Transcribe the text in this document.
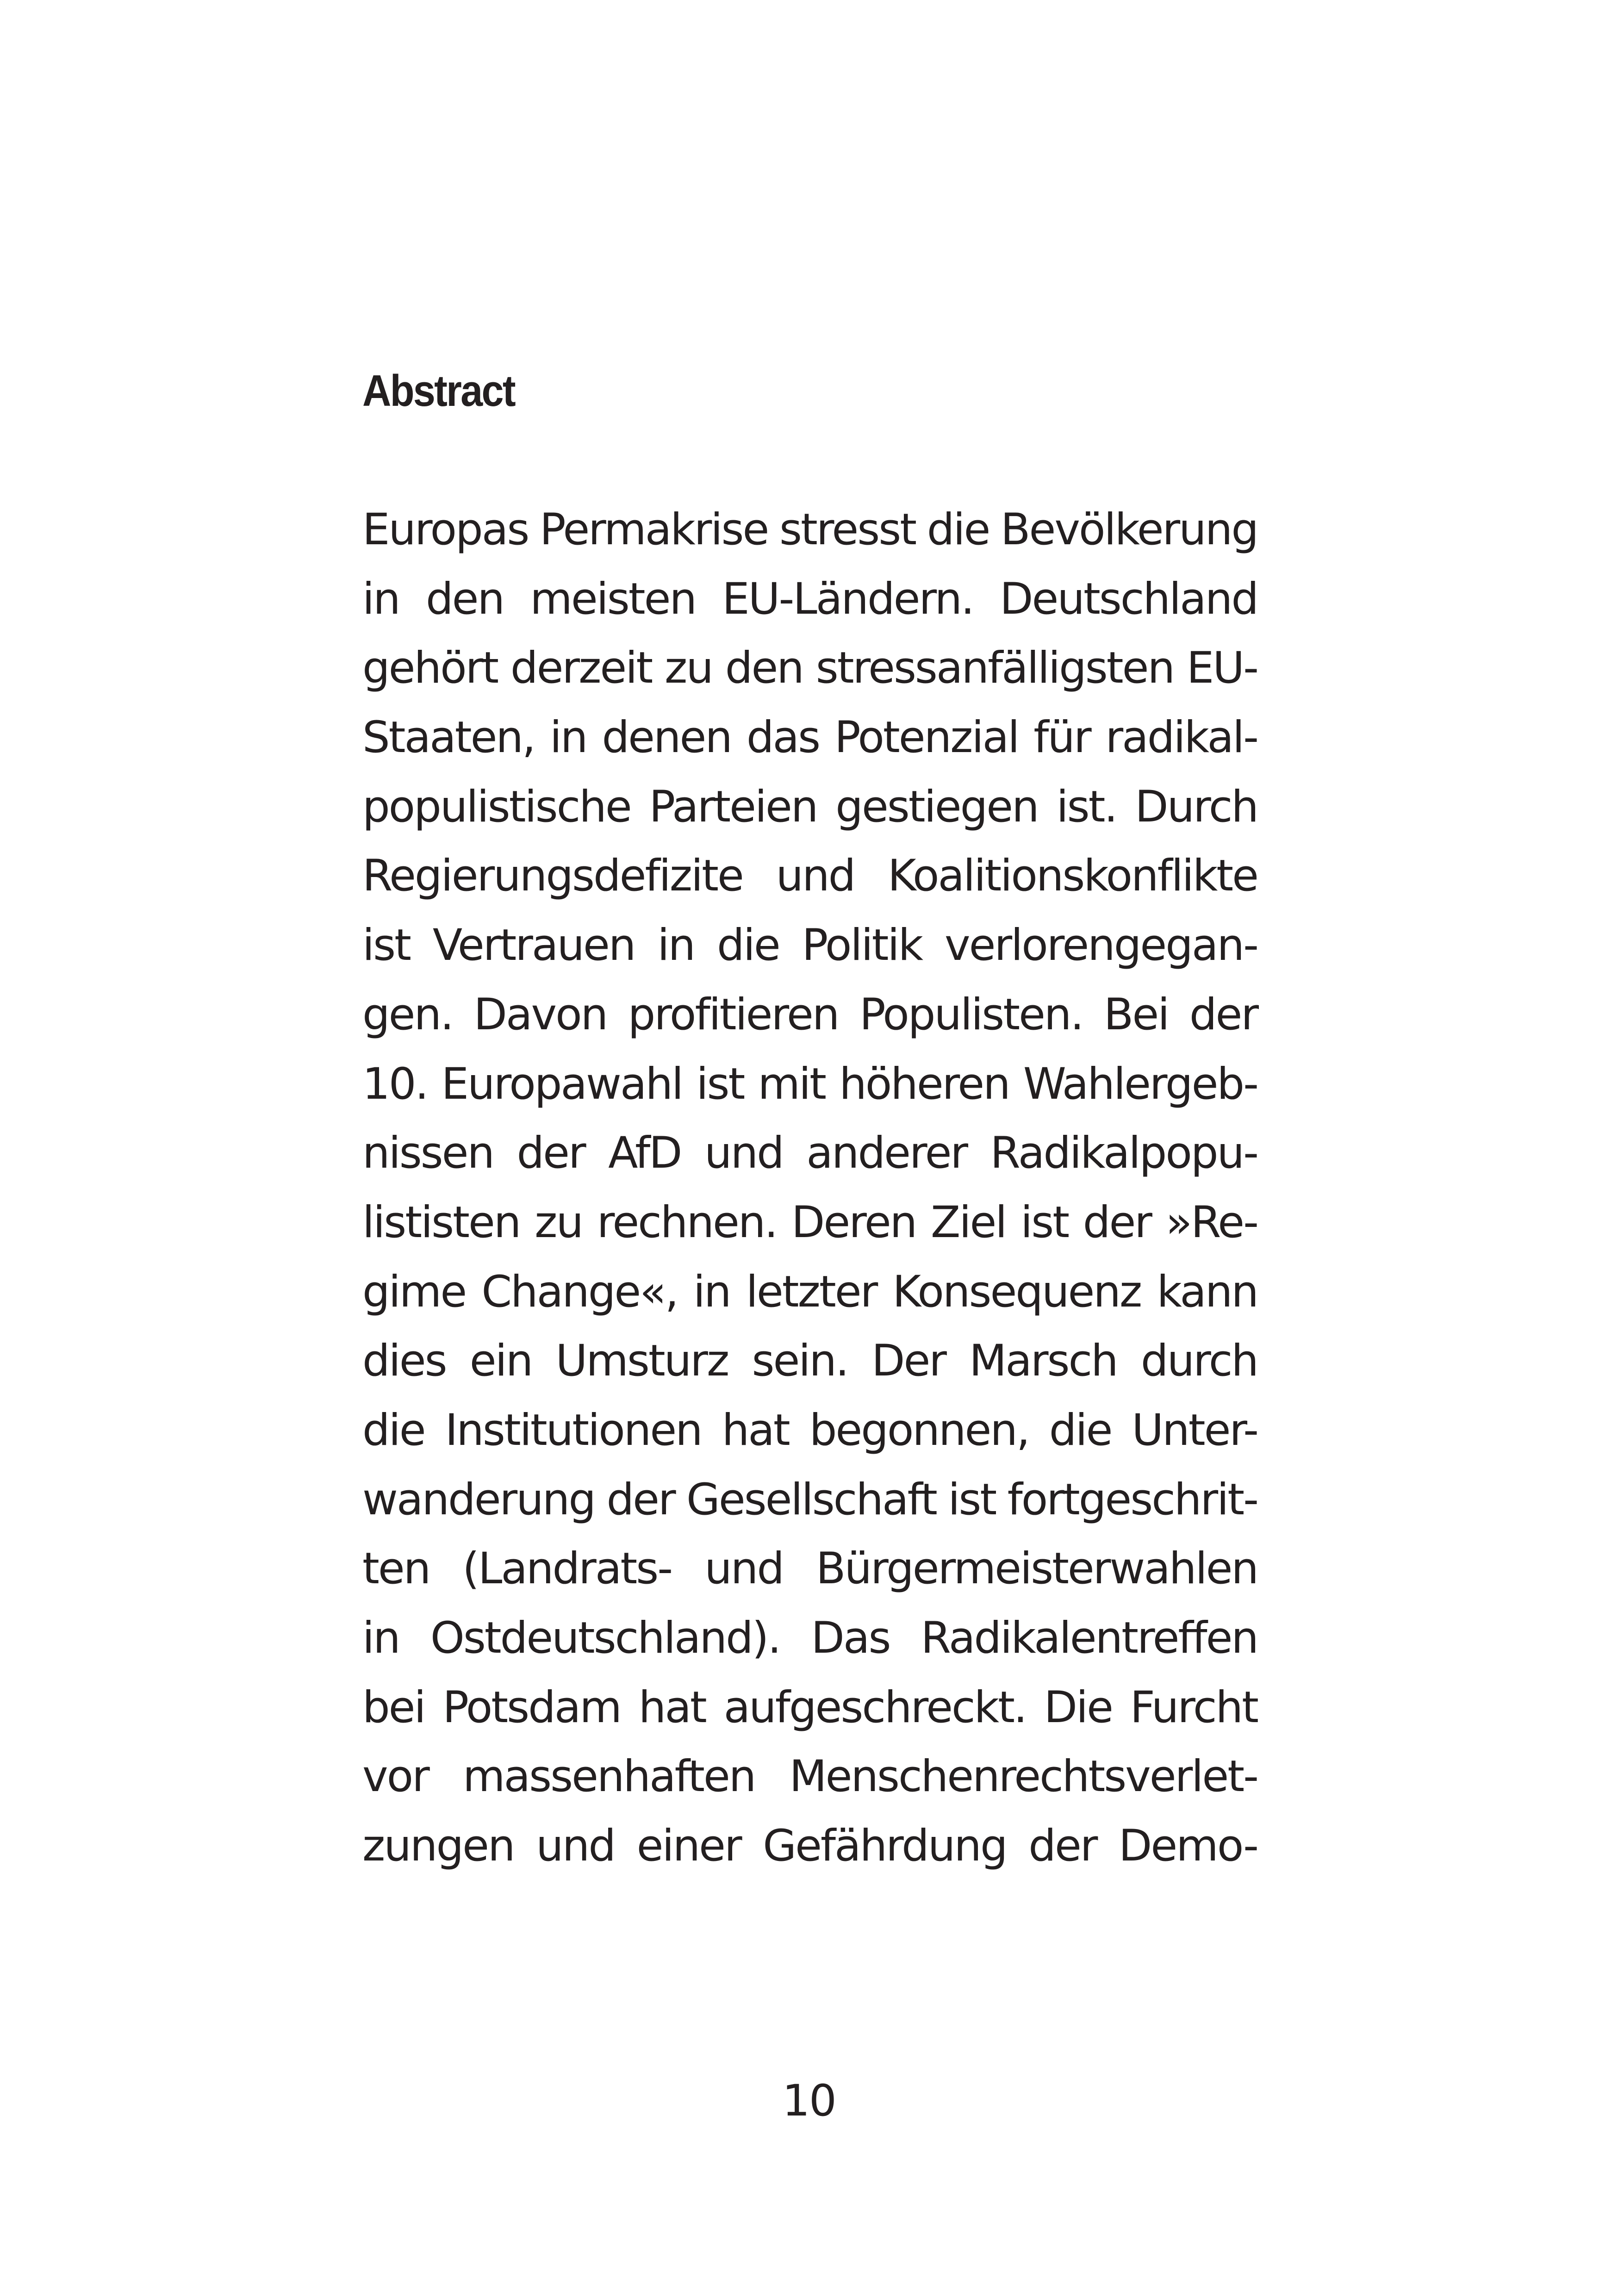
Abstract
Europas Permakrise stresst die Bevölkerung
in den meisten EU-Ländern. Deutschland
gehört derzeit zu den stressanfälligsten EU-
Staaten, in denen das Potenzial für radikal-
populistische Parteien gestiegen ist. Durch
Regierungsdefizite und Koalitionskonflikte
ist Vertrauen in die Politik verlorengegan-
gen. Davon profitieren Populisten. Bei der
10. Europawahl ist mit höheren Wahlergeb-
nissen der AfD und anderer Radikalpopu-
lististen zu rechnen. Deren Ziel ist der »Re-
gime Change«, in letzter Konsequenz kann
dies ein Umsturz sein. Der Marsch durch
die Institutionen hat begonnen, die Unter-
wanderung der Gesellschaft ist fortgeschrit-
ten (Landrats- und Bürgermeisterwahlen
in Ostdeutschland). Das Radikalentreffen
bei Potsdam hat aufgeschreckt. Die Furcht
vor massenhaften Menschenrechtsverlet-
zungen und einer Gefährdung der Demo-
10
